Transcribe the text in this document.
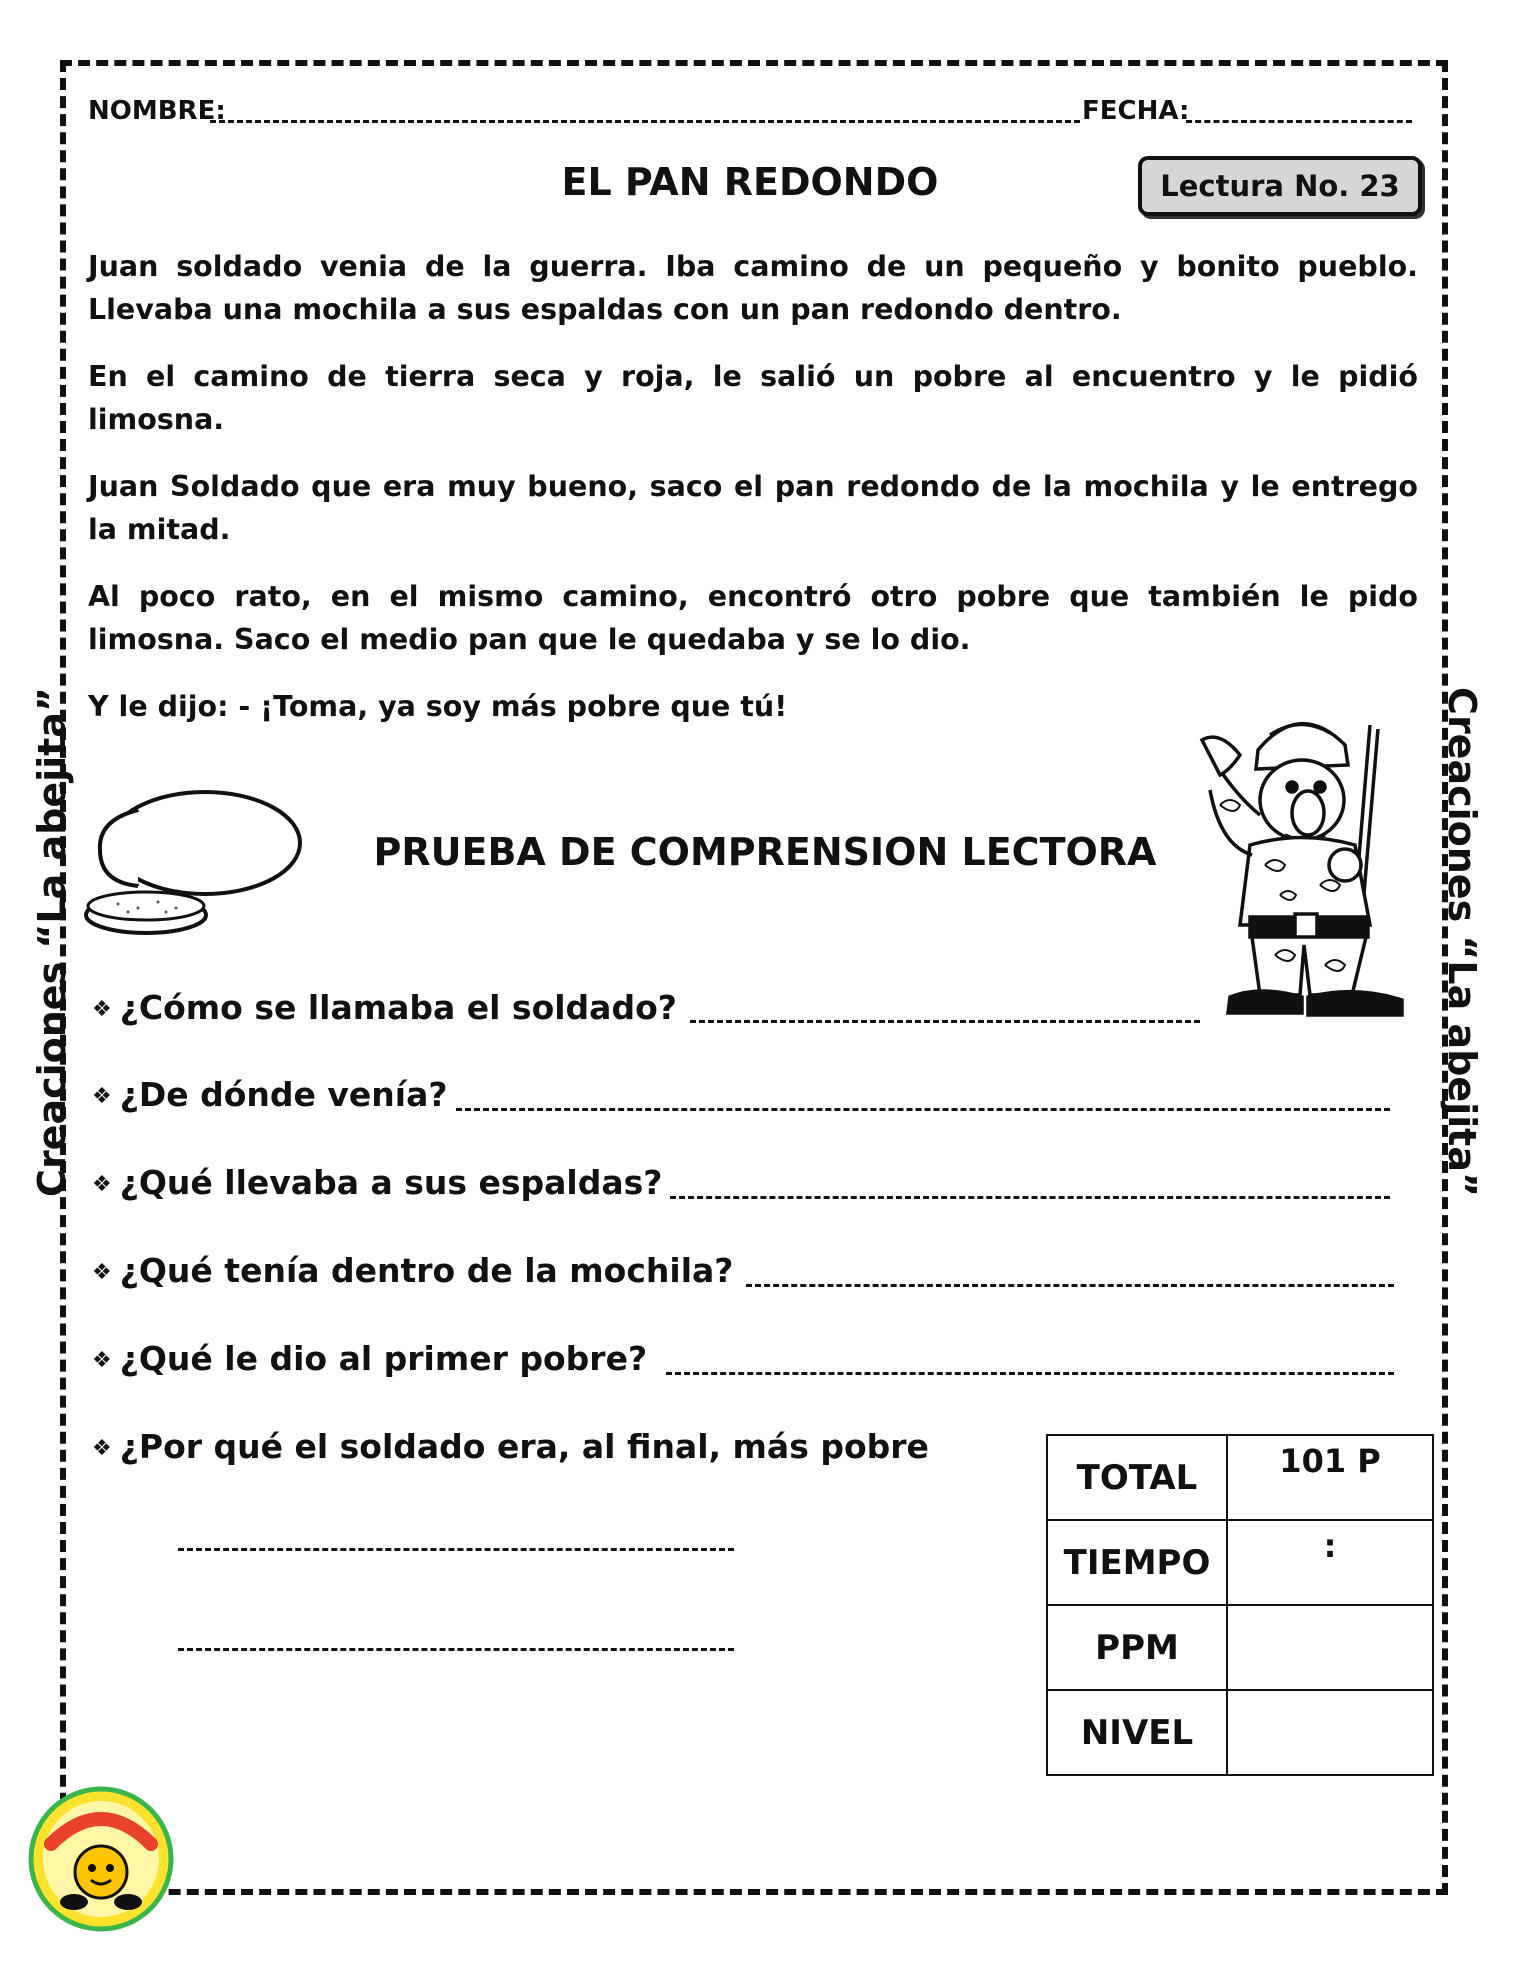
Creaciones “La abejita”	Creaciones “La abejita”
NOMBRE:	FECHA:
EL PAN REDONDO	Lectura No. 23
Juan soldado venia de la guerra. Iba camino de un pequeño y bonito pueblo. Llevaba una mochila a sus espaldas con un pan redondo dentro.
En el camino de tierra seca y roja, le salió un pobre al encuentro y le pidió limosna.
Juan Soldado que era muy bueno, saco el pan redondo de la mochila y le entrego la mitad.
Al poco rato, en el mismo camino, encontró otro pobre que también le pido limosna. Saco el medio pan que le quedaba y se lo dio.
Y le dijo: - ¡Toma, ya soy más pobre que tú!
PRUEBA DE COMPRENSION LECTORA
❖ ¿Cómo se llamaba el soldado?
❖ ¿De dónde venía?
❖ ¿Qué llevaba a sus espaldas?
❖ ¿Qué tenía dentro de la mochila?
❖ ¿Qué le dio al primer pobre?
❖ ¿Por qué el soldado era, al final, más pobre
TOTAL	101 P
TIEMPO	:
PPM	
NIVEL	
